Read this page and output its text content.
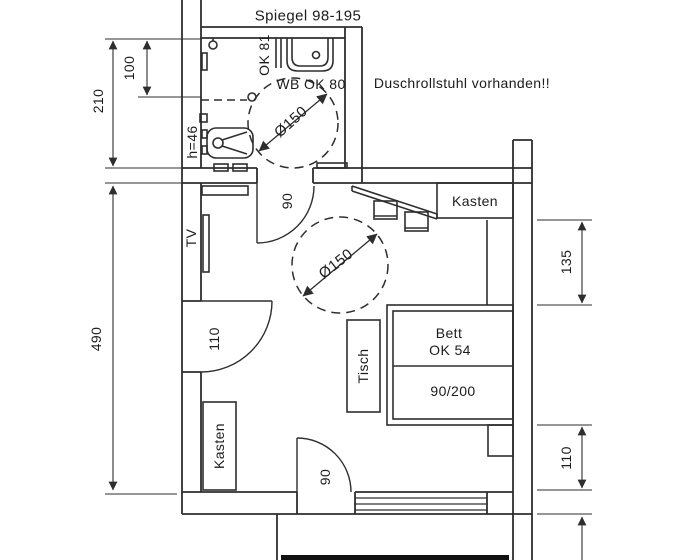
Spiegel 98-195
Duschrollstuhl vorhanden!!
OK 81
WB OK 80
Ø150
h=46
100
210
490
135
110
TV
90	Kasten
Ø150
110
Kasten
Tisch
Bett
OK 54
90/200
90
